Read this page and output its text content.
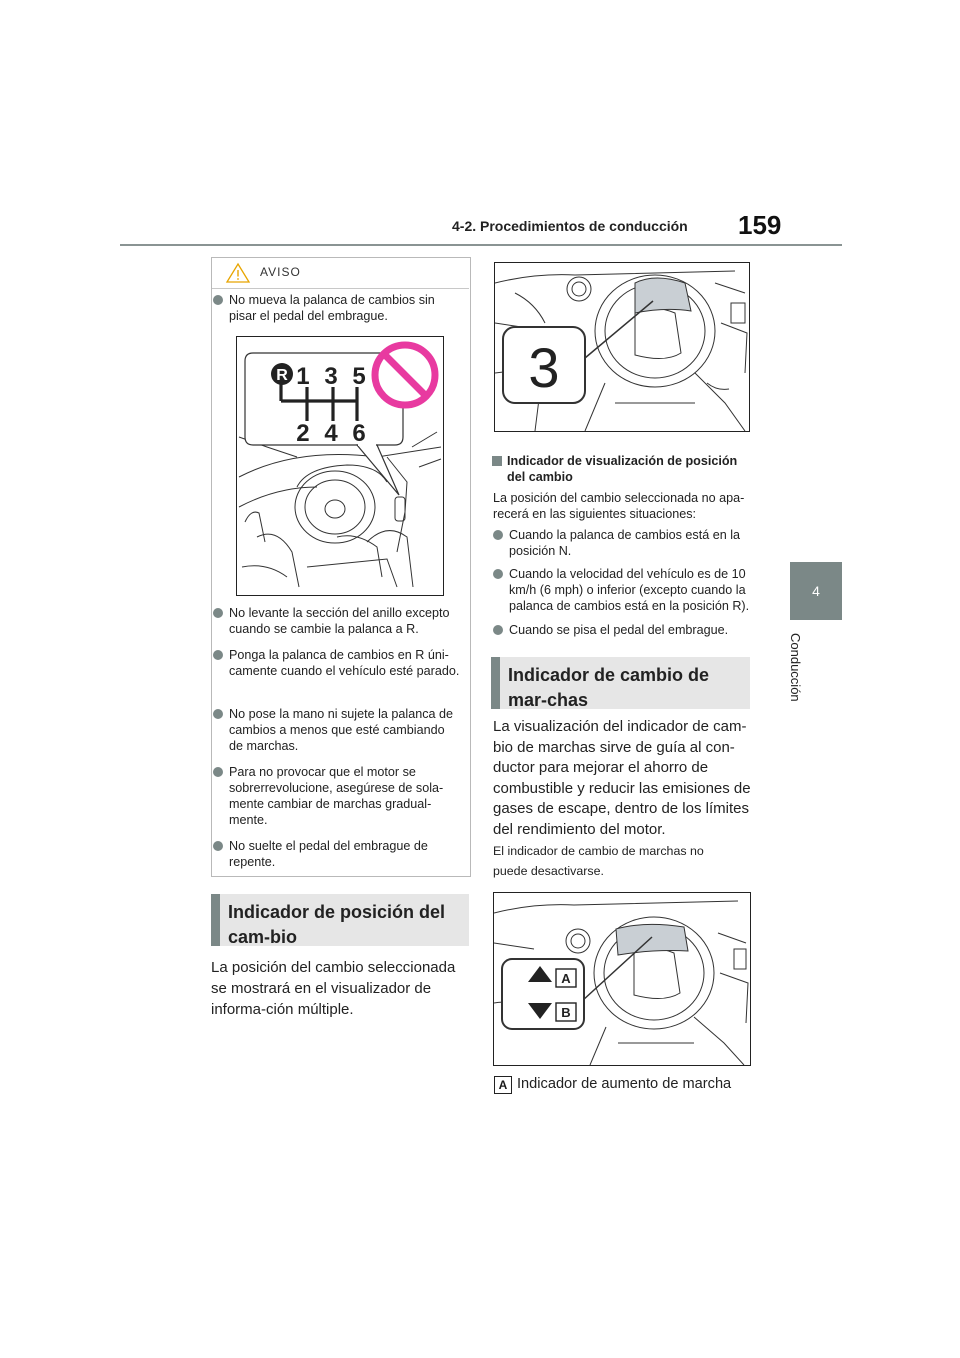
4-2. Procedimientos de conducción 159
4
Conducción
AVISO
No mueva la palanca de cambios sin pisar el pedal del embrague.
R 1 3 5
2 4 6
No levante la sección del anillo excepto cuando se cambie la palanca a R.
Ponga la palanca de cambios en R úni-camente cuando el vehículo esté parado.
No pose la mano ni sujete la palanca de cambios a menos que esté cambiando de marchas.
Para no provocar que el motor se sobrerrevolucione, asegúrese de sola-mente cambiar de marchas gradual-mente.
No suelte el pedal del embrague de repente.
Indicador de posición del cam-bio
La posición del cambio seleccionada se mostrará en el visualizador de informa-ción múltiple.
3
Indicador de visualización de posición del cambio
La posición del cambio seleccionada no apa-recerá en las siguientes situaciones:
Cuando la palanca de cambios está en la posición N.
Cuando la velocidad del vehículo es de 10 km/h (6 mph) o inferior (excepto cuando la palanca de cambios está en la posición R).
Cuando se pisa el pedal del embrague.
Indicador de cambio de mar-chas
La visualización del indicador de cam-bio de marchas sirve de guía al con-ductor para mejorar el ahorro de combustible y reducir las emisiones de gases de escape, dentro de los límites del rendimiento del motor.
El indicador de cambio de marchas no puede desactivarse.
A
B
A Indicador de aumento de marcha
